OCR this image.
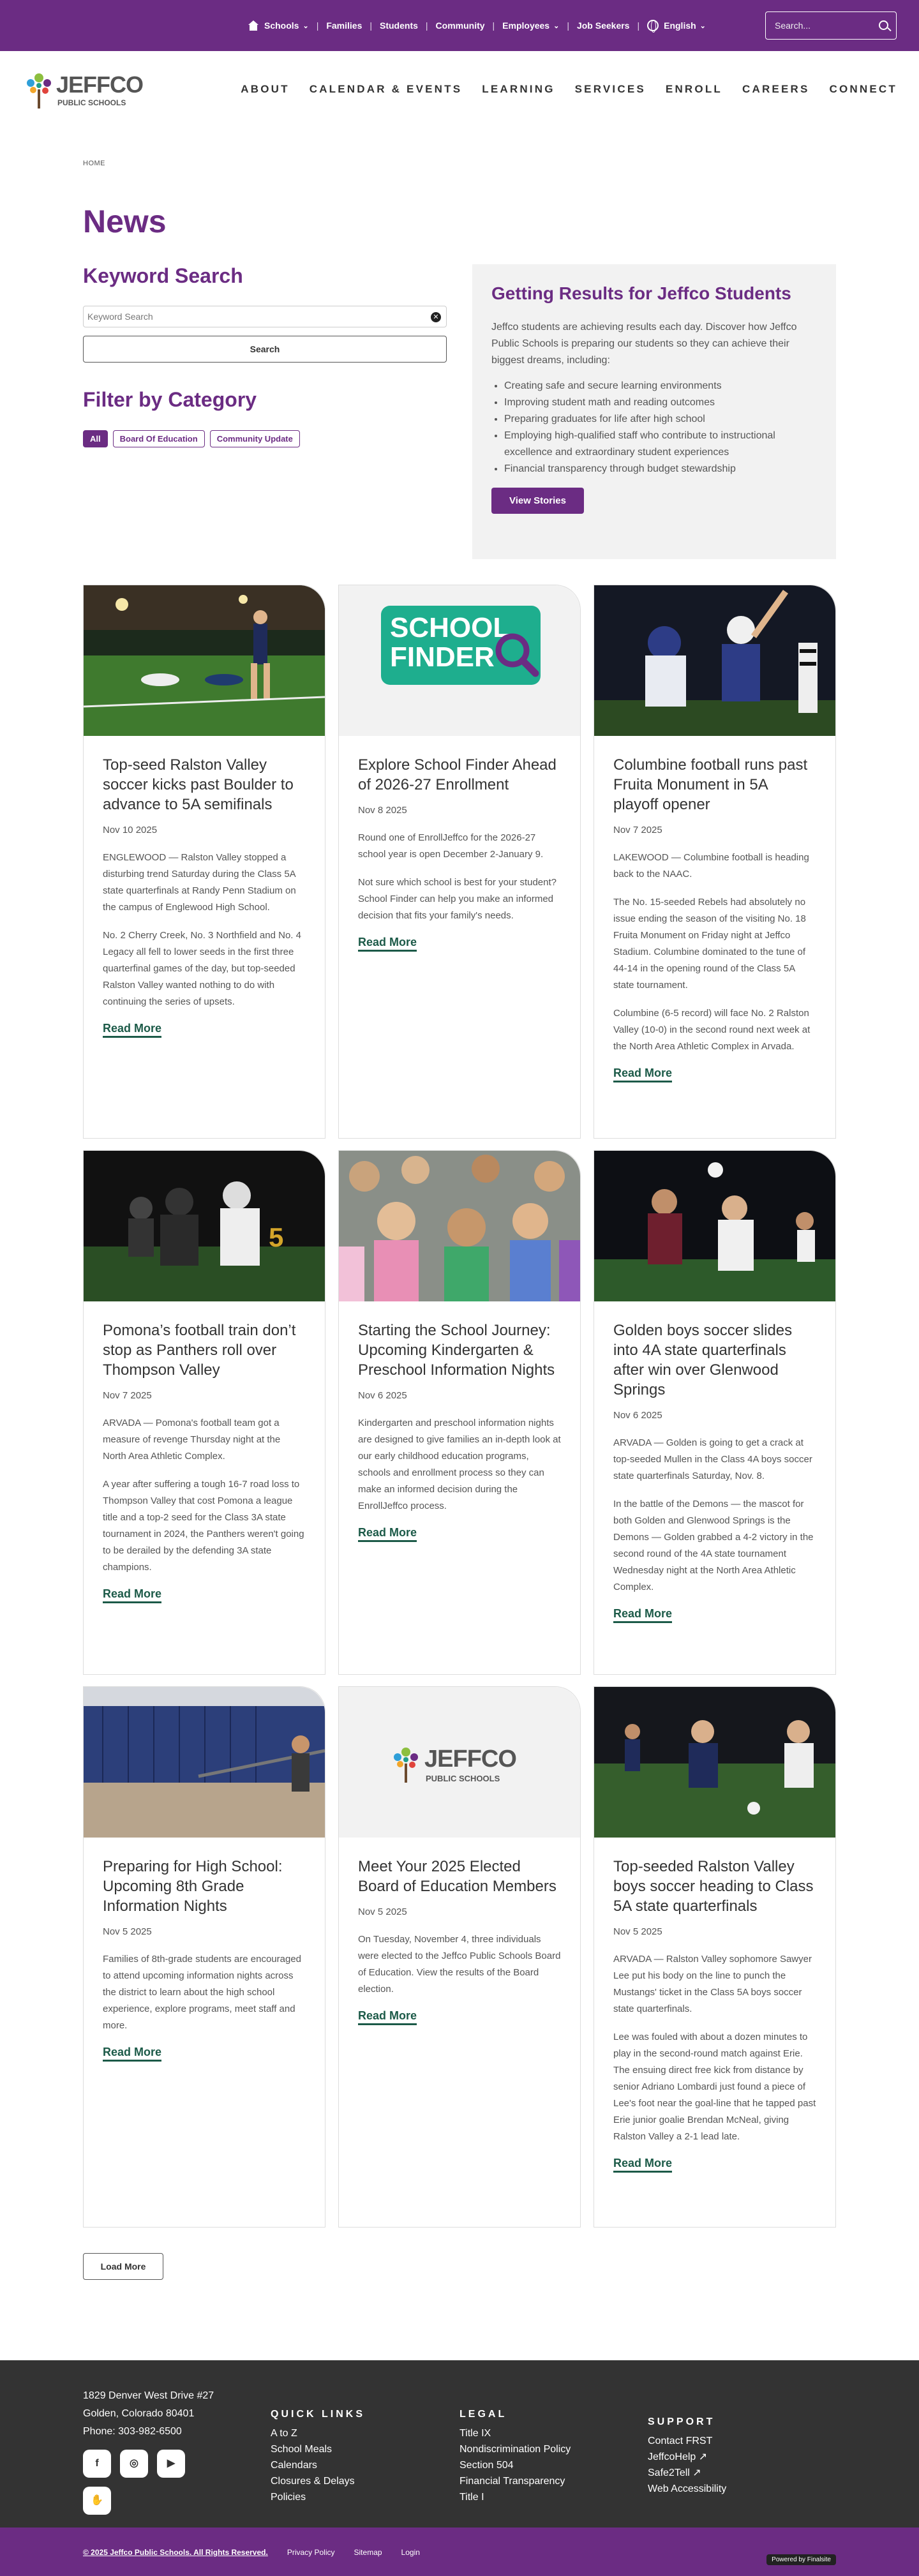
Schools ⌄ | Families | Students | Community | Employees ⌄ | Job Seekers |	English ⌄	Search...
JEFFCO
PUBLIC SCHOOLS
ABOUT CALENDAR & EVENTS LEARNING SERVICES ENROLL CAREERS CONNECT
HOME
News
Keyword Search
Keyword Search	✕
Search
Filter by Category
All	Board Of Education	Community Update
Getting Results for Jeffco Students

Jeffco students are achieving results each day. Discover how Jeffco Public Schools is preparing our students so they can achieve their biggest dreams, including:

• Creating safe and secure learning environments
• Improving student math and reading outcomes
• Preparing graduates for life after high school
• Employing high-qualified staff who contribute to instructional excellence and extraordinary student experiences
• Financial transparency through budget stewardship
View Stories
Top-seed Ralston Valley soccer kicks past Boulder to advance to 5A semifinals
Nov 10 2025

ENGLEWOOD — Ralston Valley stopped a disturbing trend Saturday during the Class 5A state quarterfinals at Randy Penn Stadium on the campus of Englewood High School.

No. 2 Cherry Creek, No. 3 Northfield and No. 4 Legacy all fell to lower seeds in the first three quarterfinal games of the day, but top-seeded Ralston Valley wanted nothing to do with continuing the series of upsets.

Read More
SCHOOL
FINDER
Explore School Finder Ahead of 2026-27 Enrollment
Nov 8 2025

Round one of EnrollJeffco for the 2026-27 school year is open December 2-January 9.

Not sure which school is best for your student? School Finder can help you make an informed decision that fits your family's needs.

Read More
Columbine football runs past Fruita Monument in 5A playoff opener
Nov 7 2025

LAKEWOOD — Columbine football is heading back to the NAAC.

The No. 15-seeded Rebels had absolutely no issue ending the season of the visiting No. 18 Fruita Monument on Friday night at Jeffco Stadium. Columbine dominated to the tune of 44-14 in the opening round of the Class 5A state tournament.

Columbine (6-5 record) will face No. 2 Ralston Valley (10-0) in the second round next week at the North Area Athletic Complex in Arvada.

Read More
5
Pomona’s football train don’t stop as Panthers roll over Thompson Valley
Nov 7 2025

ARVADA — Pomona's football team got a measure of revenge Thursday night at the North Area Athletic Complex.

A year after suffering a tough 16-7 road loss to Thompson Valley that cost Pomona a league title and a top-2 seed for the Class 3A state tournament in 2024, the Panthers weren't going to be derailed by the defending 3A state champions.

Read More
Starting the School Journey: Upcoming Kindergarten & Preschool Information Nights
Nov 6 2025

Kindergarten and preschool information nights are designed to give families an in-depth look at our early childhood education programs, schools and enrollment process so they can make an informed decision during the EnrollJeffco process.

Read More
Golden boys soccer slides into 4A state quarterfinals after win over Glenwood Springs
Nov 6 2025

ARVADA — Golden is going to get a crack at top-seeded Mullen in the Class 4A boys soccer state quarterfinals Saturday, Nov. 8.

In the battle of the Demons — the mascot for both Golden and Glenwood Springs is the Demons — Golden grabbed a 4-2 victory in the second round of the 4A state tournament Wednesday night at the North Area Athletic Complex.

Read More
Preparing for High School: Upcoming 8th Grade Information Nights
Nov 5 2025

Families of 8th-grade students are encouraged to attend upcoming information nights across the district to learn about the high school experience, explore programs, meet staff and more.

Read More
JEFFCO
PUBLIC SCHOOLS
Meet Your 2025 Elected Board of Education Members
Nov 5 2025

On Tuesday, November 4, three individuals were elected to the Jeffco Public Schools Board of Education. View the results of the Board election.

Read More
Top-seeded Ralston Valley boys soccer heading to Class 5A state quarterfinals
Nov 5 2025

ARVADA — Ralston Valley sophomore Sawyer Lee put his body on the line to punch the Mustangs' ticket in the Class 5A boys soccer state quarterfinals.

Lee was fouled with about a dozen minutes to play in the second-round match against Erie. The ensuing direct free kick from distance by senior Adriano Lombardi just found a piece of Lee's foot near the goal-line that he tapped past Erie junior goalie Brendan McNeal, giving Ralston Valley a 2-1 lead late.

Read More
Load More
1829 Denver West Drive #27
Golden, Colorado 80401
Phone: 303-982-6500
f	◎	▶
✋
QUICK LINKS
A to Z
School Meals
Calendars
Closures & Delays
Policies
LEGAL
Title IX
Nondiscrimination Policy
Section 504
Financial Transparency
Title I
SUPPORT
Contact FRST
JeffcoHelp ↗
Safe2Tell ↗
Web Accessibility
© 2025 Jeffco Public Schools. All Rights Reserved.	Privacy Policy	Sitemap	Login
Powered by Finalsite
